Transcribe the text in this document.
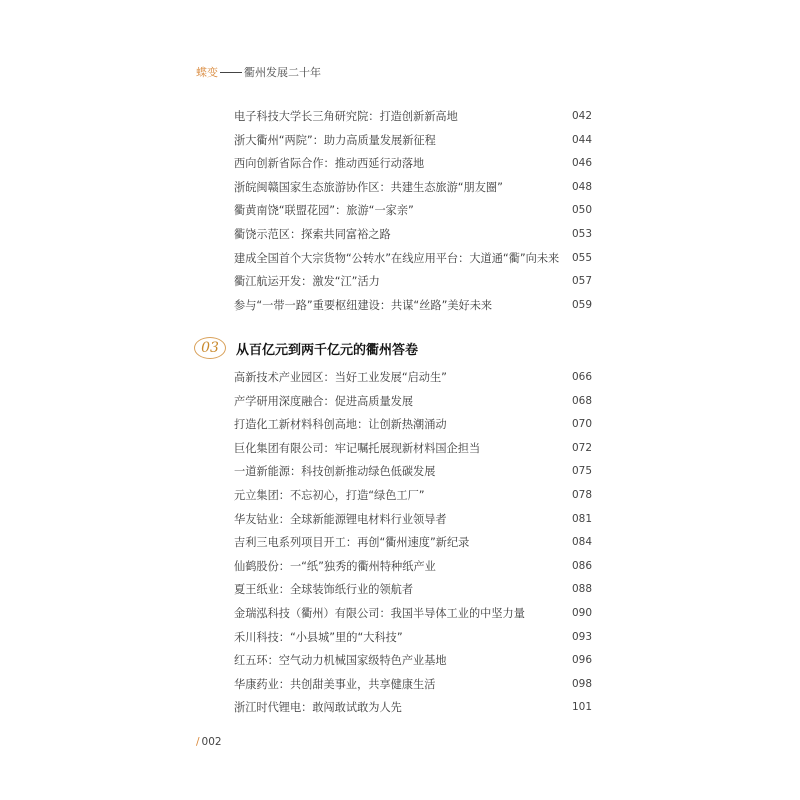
蝶变 衢州发展二十年
电子科技大学长三角研究院：打造创新新高地	042
浙大衢州“两院”：助力高质量发展新征程	044
西向创新省际合作：推动西延行动落地	046
浙皖闽赣国家生态旅游协作区：共建生态旅游“朋友圈”	048
衢黄南饶“联盟花园”：旅游“一家亲”	050
衢饶示范区：探索共同富裕之路	053
建成全国首个大宗货物“公转水”在线应用平台：大道通“衢”向未来 055
衢江航运开发：激发“江”活力	057
参与“一带一路”重要枢纽建设：共谋“丝路”美好未来	059
03	从百亿元到两千亿元的衢州答卷
高新技术产业园区：当好工业发展“启动生”	066
产学研用深度融合：促进高质量发展	068
打造化工新材料科创高地：让创新热潮涌动	070
巨化集团有限公司：牢记嘱托展现新材料国企担当	072
一道新能源：科技创新推动绿色低碳发展	075
元立集团：不忘初心，打造“绿色工厂”	078
华友钴业：全球新能源锂电材料行业领导者	081
吉利三电系列项目开工：再创“衢州速度”新纪录	084
仙鹤股份：一“纸”独秀的衢州特种纸产业	086
夏王纸业：全球装饰纸行业的领航者	088
金瑞泓科技（衢州）有限公司：我国半导体工业的中坚力量	090
禾川科技：“小县城”里的“大科技”	093
红五环：空气动力机械国家级特色产业基地	096
华康药业：共创甜美事业，共享健康生活	098
浙江时代锂电：敢闯敢试敢为人先	101
/ 002
